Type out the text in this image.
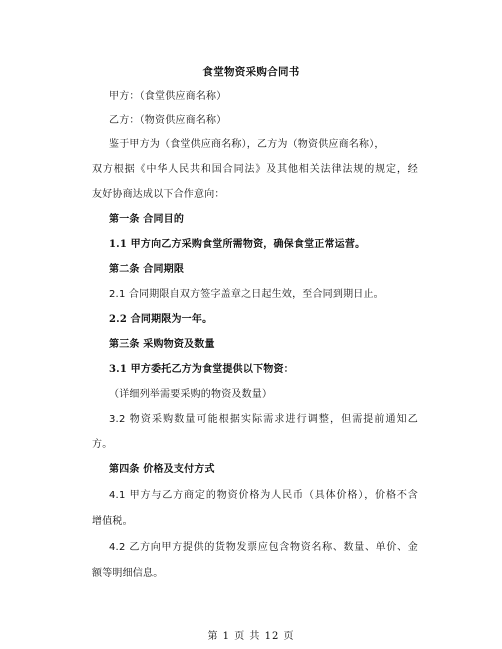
食堂物资采购合同书
甲方：（食堂供应商名称）
乙方：（物资供应商名称）
鉴于甲方为（食堂供应商名称），乙方为（物资供应商名称），
双方根据《中华人民共和国合同法》及其他相关法律法规的规定，经
友好协商达成以下合作意向：
第一条 合同目的
1.1 甲方向乙方采购食堂所需物资，确保食堂正常运营。
第二条 合同期限
2.1 合同期限自双方签字盖章之日起生效，至合同到期日止。
2.2 合同期限为一年。
第三条 采购物资及数量
3.1 甲方委托乙方为食堂提供以下物资：
（详细列举需要采购的物资及数量）
3.2 物资采购数量可能根据实际需求进行调整，但需提前通知乙
方。
第四条 价格及支付方式
4.1 甲方与乙方商定的物资价格为人民币（具体价格），价格不含
增值税。
4.2 乙方向甲方提供的货物发票应包含物资名称、数量、单价、金
额等明细信息。
第 1 页 共 12 页
